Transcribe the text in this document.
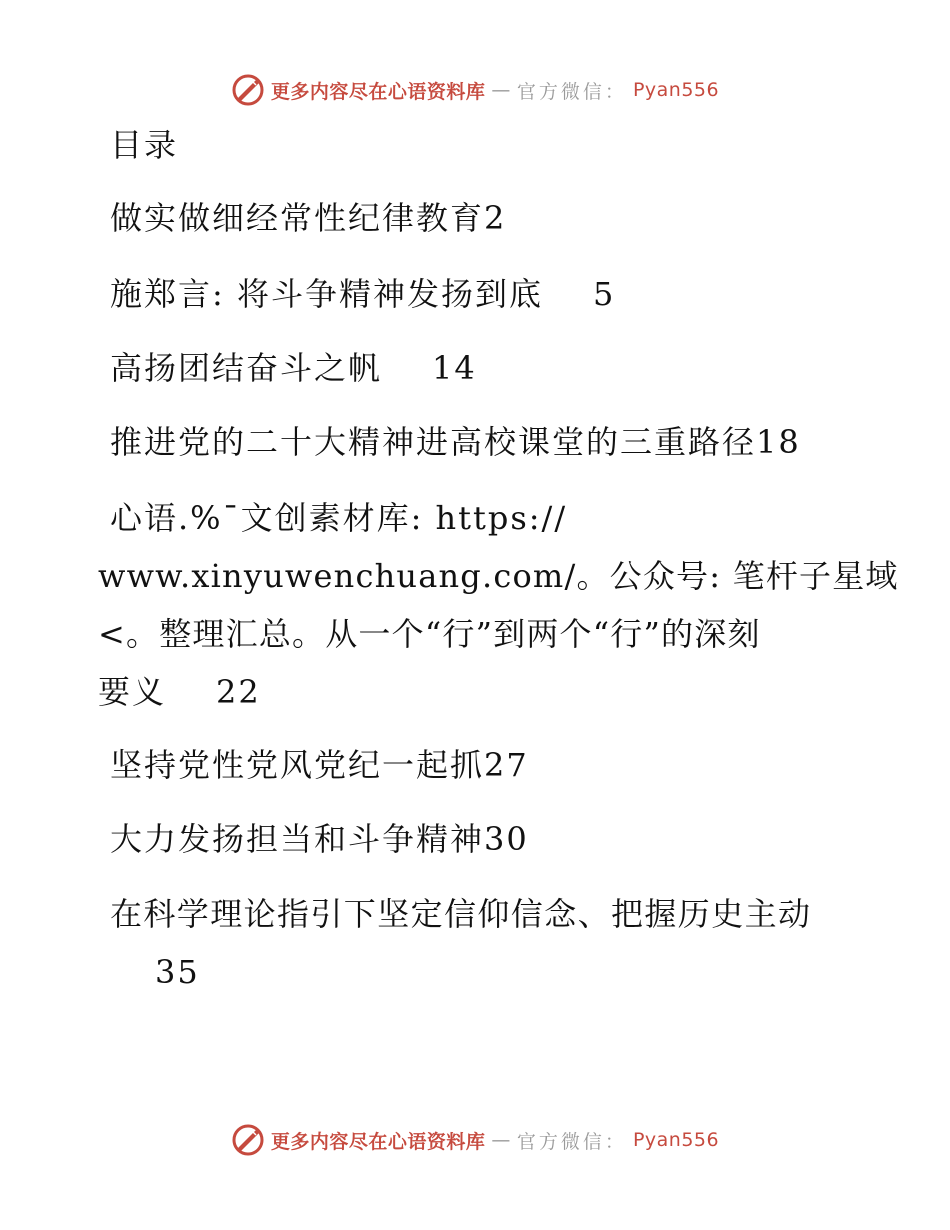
更多内容尽在心语资料库 — 官方微信： Pyan556
目录
做实做细经常性纪律教育2
施郑言: 将斗争精神发扬到底 5
高扬团结奋斗之帆 14
推进党的二十大精神进高校课堂的三重路径18
心语.%¯文创素材库: https://
www.xinyuwenchuang.com/。公众号: 笔杆子星域
<。整理汇总。从一个“行”到两个“行”的深刻
要义 22
坚持党性党风党纪一起抓27
大力发扬担当和斗争精神30
在科学理论指引下坚定信仰信念、把握历史主动
35
更多内容尽在心语资料库 — 官方微信： Pyan556
